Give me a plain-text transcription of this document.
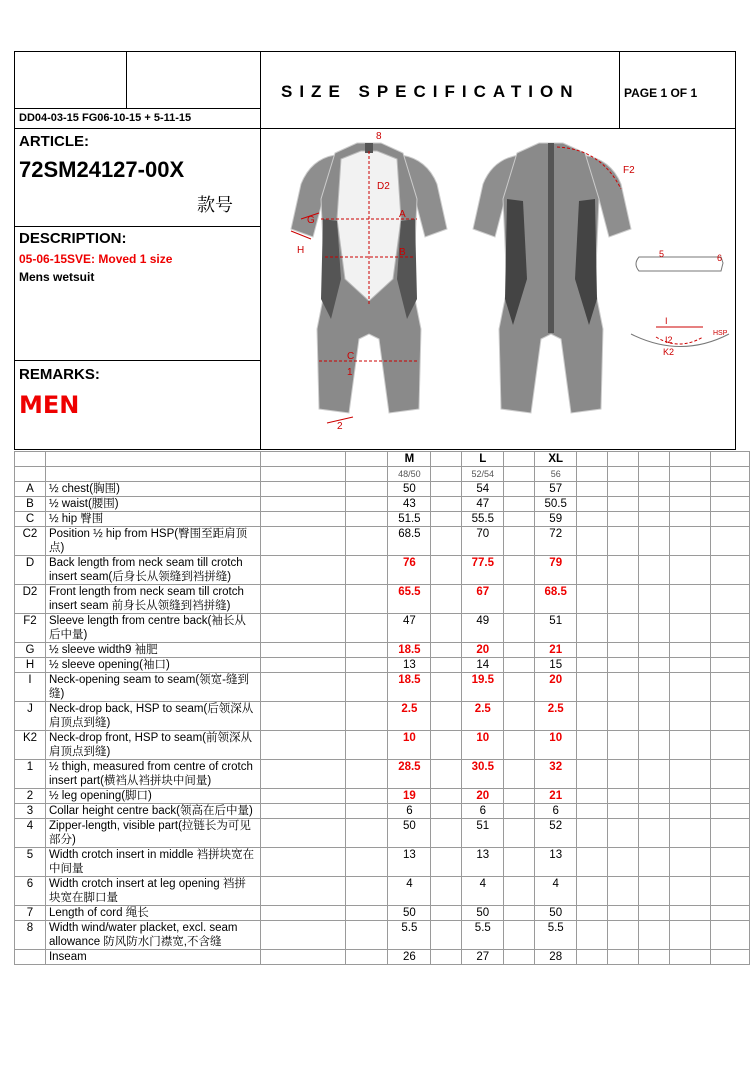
DD04-03-15 FG06-10-15 + 5-11-15
SIZE SPECIFICATION	PAGE 1 OF 1
ARTICLE:
72SM24127-00X
款号
DESCRIPTION:
05-06-15SVE: Moved 1 size
Mens wetsuit
REMARKS:
MEN
8
D2
A
G
H	B
C
1
2
F2
5	6
I
I2
HSP
K2
				M		L		XL					
				48/50		52/54		56					
A	½ chest(胸围)			50		54		57					
B	½ waist(腰围)			43		47		50.5					
C	½ hip 臀围			51.5		55.5		59					
C2	Position ½ hip from HSP(臀围至距肩顶点)			68.5		70		72					
D	Back length from neck seam till crotch insert seam(后身长从领缝到裆拼缝)			76		77.5		79					
D2	Front length from neck seam till crotch insert seam 前身长从领缝到裆拼缝)			65.5		67		68.5					
F2	Sleeve length from centre back(袖长从后中量)			47		49		51					
G	½ sleeve width9 袖肥			18.5		20		21					
H	½ sleeve opening(袖口)			13		14		15					
I	Neck-opening seam to seam(领宽-缝到缝)			18.5		19.5		20					
J	Neck-drop back, HSP to seam(后领深从肩顶点到缝)			2.5		2.5		2.5					
K2	Neck-drop front, HSP to seam(前领深从肩顶点到缝)			10		10		10					
1	½ thigh, measured from centre of crotch insert part(横裆从裆拼块中间量)			28.5		30.5		32					
2	½ leg opening(脚口)			19		20		21					
3	Collar height centre back(领高在后中量)			6		6		6					
4	Zipper-length, visible part(拉链长为可见部分)			50		51		52					
5	Width crotch insert in middle 裆拼块宽在中间量			13		13		13					
6	Width crotch insert at leg opening 裆拼块宽在脚口量			4		4		4					
7	Length of cord 绳长			50		50		50					
8	Width wind/water placket, excl. seam allowance 防风防水门襟宽,不含缝			5.5		5.5		5.5					
	Inseam			26		27		28					
